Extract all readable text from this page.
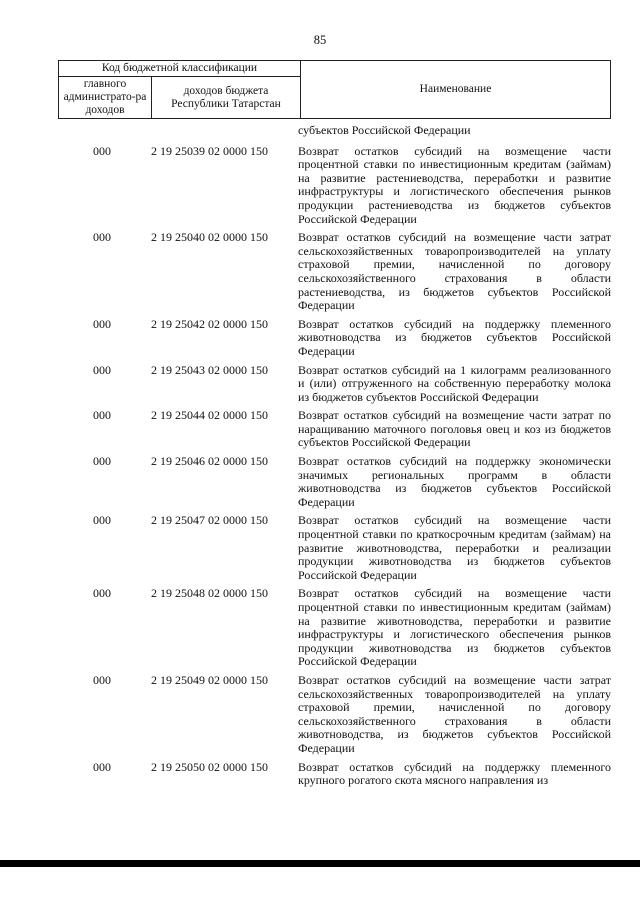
85
Код бюджетной классификации		Наименование
главного администрато-ра доходов	доходов бюджета Республики Татарстан	
субъектов Российской Федерации
000	2 19 25039 02 0000 150	Возврат остатков субсидий на возмещение части процентной ставки по инвестиционным кредитам (займам) на развитие растениеводства, переработки и развитие инфраструктуры и логистического обеспечения рынков продукции растениеводства из бюджетов субъектов Российской Федерации
000	2 19 25040 02 0000 150	Возврат остатков субсидий на возмещение части затрат сельскохозяйственных товаропроизводителей на уплату страховой премии, начисленной по договору сельскохозяйственного страхования в области растениеводства, из бюджетов субъектов Российской Федерации
000	2 19 25042 02 0000 150	Возврат остатков субсидий на поддержку племенного животноводства из бюджетов субъектов Российской Федерации
000	2 19 25043 02 0000 150	Возврат остатков субсидий на 1 килограмм реализованного и (или) отгруженного на собственную переработку молока из бюджетов субъектов Российской Федерации
000	2 19 25044 02 0000 150	Возврат остатков субсидий на возмещение части затрат по наращиванию маточного поголовья овец и коз из бюджетов субъектов Российской Федерации
000	2 19 25046 02 0000 150	Возврат остатков субсидий на поддержку экономически значимых региональных программ в области животноводства из бюджетов субъектов Российской Федерации
000	2 19 25047 02 0000 150	Возврат остатков субсидий на возмещение части процентной ставки по краткосрочным кредитам (займам) на развитие животноводства, переработки и реализации продукции животноводства из бюджетов субъектов Российской Федерации
000	2 19 25048 02 0000 150	Возврат остатков субсидий на возмещение части процентной ставки по инвестиционным кредитам (займам) на развитие животноводства, переработки и развитие инфраструктуры и логистического обеспечения рынков продукции животноводства из бюджетов субъектов Российской Федерации
000	2 19 25049 02 0000 150	Возврат остатков субсидий на возмещение части затрат сельскохозяйственных товаропроизводителей на уплату страховой премии, начисленной по договору сельскохозяйственного страхования в области животноводства, из бюджетов субъектов Российской Федерации
000	2 19 25050 02 0000 150	Возврат остатков субсидий на поддержку племенного крупного рогатого скота мясного направления из
